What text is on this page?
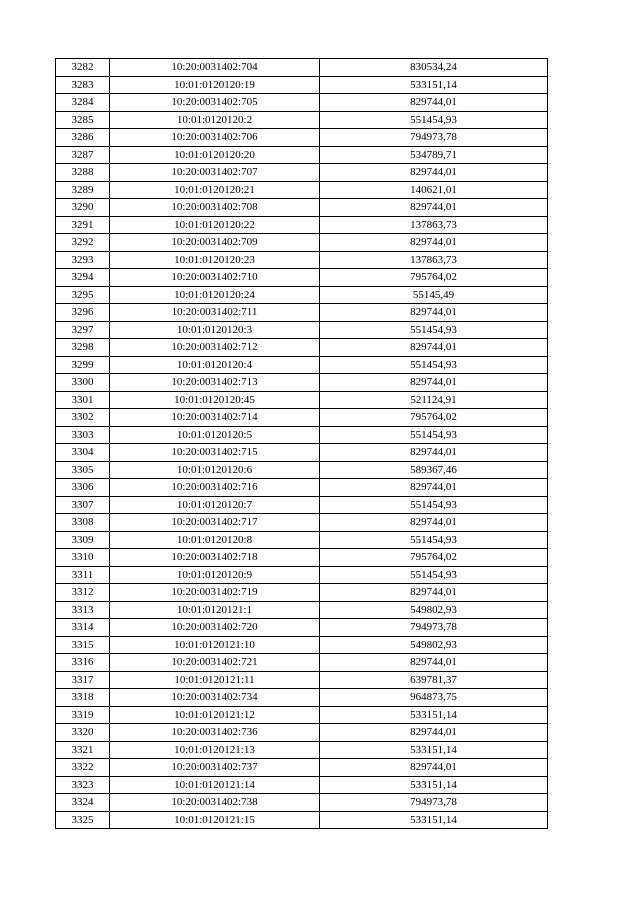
3282	10:20:0031402:704	830534,24
3283	10:01:0120120:19	533151,14
3284	10:20:0031402:705	829744,01
3285	10:01:0120120:2	551454,93
3286	10:20:0031402:706	794973,78
3287	10:01:0120120:20	534789,71
3288	10:20:0031402:707	829744,01
3289	10:01:0120120:21	140621,01
3290	10:20:0031402:708	829744,01
3291	10:01:0120120:22	137863,73
3292	10:20:0031402:709	829744,01
3293	10:01:0120120:23	137863,73
3294	10:20:0031402:710	795764,02
3295	10:01:0120120:24	55145,49
3296	10:20:0031402:711	829744,01
3297	10:01:0120120:3	551454,93
3298	10:20:0031402:712	829744,01
3299	10:01:0120120:4	551454,93
3300	10:20:0031402:713	829744,01
3301	10:01:0120120:45	521124,91
3302	10:20:0031402:714	795764,02
3303	10:01:0120120:5	551454,93
3304	10:20:0031402:715	829744,01
3305	10:01:0120120:6	589367,46
3306	10:20:0031402:716	829744,01
3307	10:01:0120120:7	551454,93
3308	10:20:0031402:717	829744,01
3309	10:01:0120120:8	551454,93
3310	10:20:0031402:718	795764,02
3311	10:01:0120120:9	551454,93
3312	10:20:0031402:719	829744,01
3313	10:01:0120121:1	549802,93
3314	10:20:0031402:720	794973,78
3315	10:01:0120121:10	549802,93
3316	10:20:0031402:721	829744,01
3317	10:01:0120121:11	639781,37
3318	10:20:0031402:734	964873,75
3319	10:01:0120121:12	533151,14
3320	10:20:0031402:736	829744,01
3321	10:01:0120121:13	533151,14
3322	10:20:0031402:737	829744,01
3323	10:01:0120121:14	533151,14
3324	10:20:0031402:738	794973,78
3325	10:01:0120121:15	533151,14
